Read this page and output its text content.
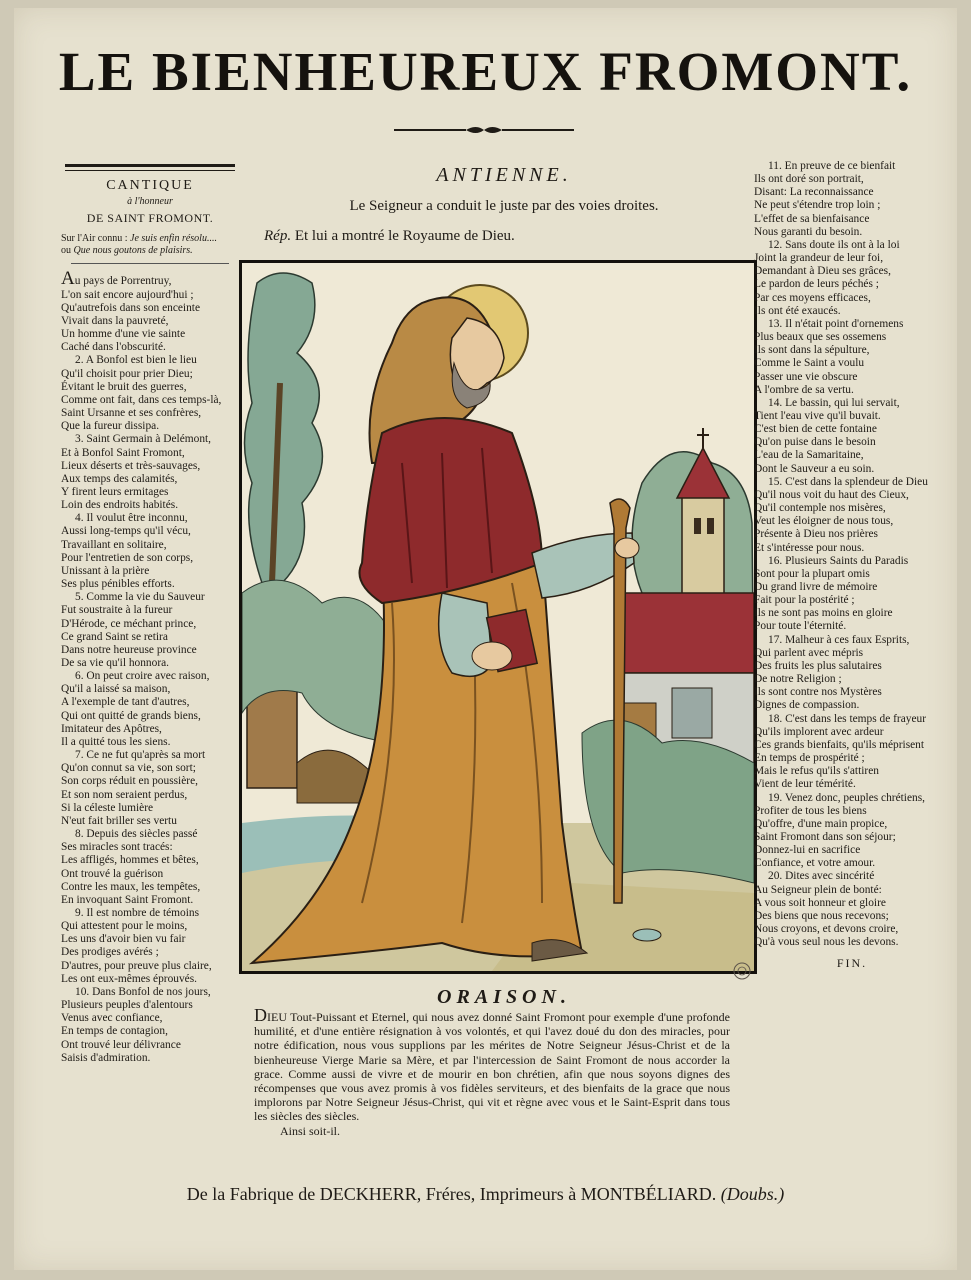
LE BIENHEUREUX FROMONT.
CANTIQUE
à l'honneur
DE SAINT FROMONT.
Sur l'Air connu : Je suis enfin résolu....
ou Que nous goutons de plaisirs.

Au pays de Porrentruy,

L'on sait encore aujourd'hui ;

Qu'autrefois dans son enceinte

Vivait dans la pauvreté,

Un homme d'une vie sainte

Caché dans l'obscurité.

2. A Bonfol est bien le lieu

Qu'il choisit pour prier Dieu;

Évitant le bruit des guerres,

Comme ont fait, dans ces temps-là,

Saint Ursanne et ses confrères,

Que la fureur dissipa.

3. Saint Germain à Delémont,

Et à Bonfol Saint Fromont,

Lieux déserts et très-sauvages,

Aux temps des calamités,

Y firent leurs ermitages

Loin des endroits habités.

4. Il voulut être inconnu,

Aussi long-temps qu'il vécu,

Travaillant en solitaire,

Pour l'entretien de son corps,

Unissant à la prière

Ses plus pénibles efforts.

5. Comme la vie du Sauveur

Fut soustraite à la fureur

D'Hérode, ce méchant prince,

Ce grand Saint se retira

Dans notre heureuse province

De sa vie qu'il honnora.

6. On peut croire avec raison,

Qu'il a laissé sa maison,

A l'exemple de tant d'autres,

Qui ont quitté de grands biens,

Imitateur des Apôtres,

Il a quitté tous les siens.

7. Ce ne fut qu'après sa mort

Qu'on connut sa vie, son sort;

Son corps réduit en poussière,

Et son nom seraient perdus,

Si la céleste lumière

N'eut fait briller ses vertu

8. Depuis des siècles passé

Ses miracles sont tracés:

Les affligés, hommes et bêtes,

Ont trouvé la guérison

Contre les maux, les tempêtes,

En invoquant Saint Fromont.

9. Il est nombre de témoins

Qui attestent pour le moins,

Les uns d'avoir bien vu fair

Des prodiges avérés ;

D'autres, pour preuve plus claire,

Les ont eux-mêmes éprouvés.

10. Dans Bonfol de nos jours,

Plusieurs peuples d'alentours

Venus avec confiance,

En temps de contagion,

Ont trouvé leur délivrance

Saisis d'admiration.

ANTIENNE.
Le Seigneur a conduit le juste par des voies droites.
Rép. Et lui a montré le Royaume de Dieu.
ORAISON.
DIEU Tout-Puissant et Eternel, qui nous avez donné Saint Fromont pour exemple d'une profonde humilité, et d'une entière résignation à vos volontés, et qui l'avez doué du don des miracles, pour notre édification, nous vous supplions par les mérites de Notre Seigneur Jésus-Christ et de la bienheureuse Vierge Marie sa Mère, et par l'intercession de Saint Fromont de nous accorder la grace. Comme aussi de vivre et de mourir en bon chrétien, afin que nous soyons dignes des récompenses que vous avez promis à vos fidèles serviteurs, et des bienfaits de la grace que nous implorons par Notre Seigneur Jésus-Christ, qui vit et règne avec vous et le Saint-Esprit dans tous les siècles des siècles.
Ainsi soit-il.

11. En preuve de ce bienfait

Ils ont doré son portrait,

Disant: La reconnaissance

Ne peut s'étendre trop loin ;

L'effet de sa bienfaisance

Nous garanti du besoin.

12. Sans doute ils ont à la loi

Joint la grandeur de leur foi,

Demandant à Dieu ses grâces,

Le pardon de leurs péchés ;

Par ces moyens efficaces,

Ils ont été exaucés.

13. Il n'était point d'ornemens

Plus beaux que ses ossemens

Ils sont dans la sépulture,

Comme le Saint a voulu

Passer une vie obscure

A l'ombre de sa vertu.

14. Le bassin, qui lui servait,

Tient l'eau vive qu'il buvait.

C'est bien de cette fontaine

Qu'on puise dans le besoin

L'eau de la Samaritaine,

Dont le Sauveur a eu soin.

15. C'est dans la splendeur de Dieu

Qu'il nous voit du haut des Cieux,

Qu'il contemple nos misères,

Veut les éloigner de nous tous,

Présente à Dieu nos prières

Et s'intéresse pour nous.

16. Plusieurs Saints du Paradis

Sont pour la plupart omis

Du grand livre de mémoire

Fait pour la postérité ;

Ils ne sont pas moins en gloire

Pour toute l'éternité.

17. Malheur à ces faux Esprits,

Qui parlent avec mépris

Des fruits les plus salutaires

De notre Religion ;

Ils sont contre nos Mystères

Dignes de compassion.

18. C'est dans les temps de frayeur

Qu'ils implorent avec ardeur

Ces grands bienfaits, qu'ils méprisent

En temps de prospérité ;

Mais le refus qu'ils s'attiren

Vient de leur témérité.

19. Venez donc, peuples chrétiens,

Profiter de tous les biens

Qu'offre, d'une main propice,

Saint Fromont dans son séjour;

Donnez-lui en sacrifice

Confiance, et votre amour.

20. Dites avec sincérité

Au Seigneur plein de bonté:

A vous soit honneur et gloire

Des biens que nous recevons;

Nous croyons, et devons croire,

Qu'à vous seul nous les devons.

FIN.
De la Fabrique de DECKHERR, Fréres, Imprimeurs à MONTBÉLIARD. (Doubs.)
